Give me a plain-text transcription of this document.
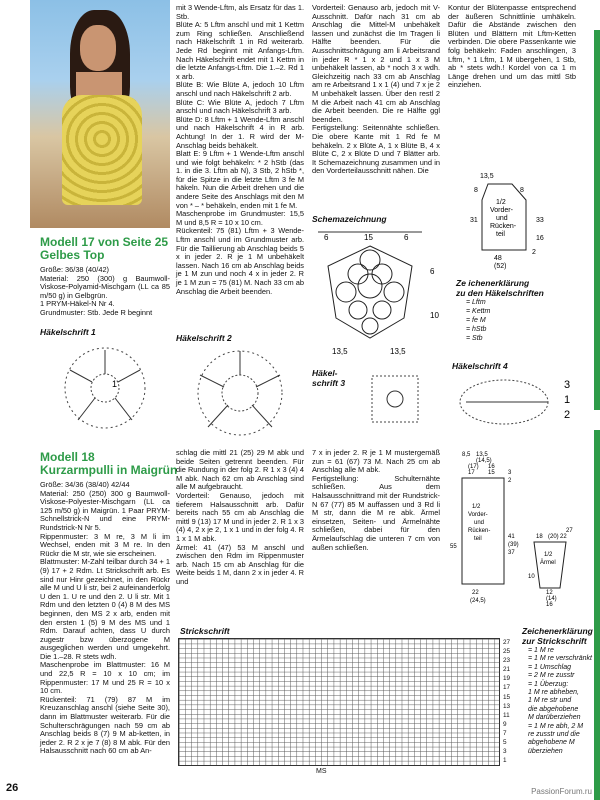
Modell 17 von Seite 25
Gelbes Top
Größe: 36/38 (40/42)
Material: 250 (300) g Baumwoll-Viskose-Polyamid-Mischgarn (LL ca 85 m/50 g) in Gelbgrün.
1 PRYM-Häkel-N Nr 4.
Grundmuster: Stb. Jede R beginnt
mit 3 Wende-Lftm, als Ersatz für das 1. Stb.
Blüte A: 5 Lftm anschl und mit 1 Kettm zum Ring schließen. Anschließend nach Häkelschrift 1 in Rd weiterarb. Jede Rd beginnt mit Anfangs-Lftm. Nach Häkelschrift endet mit 1 Kettm in die letzte Anfangs-Lftm. Die 1.–2. Rd 1 x arb.
Blüte B: Wie Blüte A, jedoch 10 Lftm anschl und nach Häkelschrift 2 arb.
Blüte C: Wie Blüte A, jedoch 7 Lftm anschl und nach Häkelschrift 3 arb.
Blüte D: 8 Lftm + 1 Wende-Lftm anschl und nach Häkelschrift 4 in R arb. Achtung! In der 1. R wird der M-Anschlag beids behäkelt.
Blatt E: 9 Lftm + 1 Wende-Lftm anschl und wie folgt behäkeln: * 2 hStb (das 1. in die 3. Lftm ab N), 3 Stb, 2 hStb *, für die Spitze in die letzte Lftm 3 fe M häkeln. Nun die Arbeit drehen und die andere Seite des Anschlags mit den M von * – * behäkeln, enden mit 1 fe M.
Maschenprobe im Grundmuster: 15,5 M und 8,5 R = 10 x 10 cm.
Rückenteil: 75 (81) Lftm + 3 Wende-Lftm anschl und im Grundmuster arb. Für die Taillierung ab Anschlag beids 5 x in jeder 2. R je 1 M unbehäkelt lassen. Nach 16 cm ab Anschlag beids je 1 M zun und noch 4 x in jeder 2. R je 1 M zun = 75 (81) M. Nach 33 cm ab Anschlag die Arbeit beenden.
Vorderteil: Genauso arb, jedoch mit V-Ausschnitt. Dafür nach 31 cm ab Anschlag die Mittel-M unbehäkelt lassen und zunächst die Im Tragen li Hälfte beenden. Für die Ausschnittschrägung am li Arbeitsrand in jeder R * 1 x 2 und 1 x 3 M unbehäkelt lassen, ab * noch 3 x wdh. Gleichzeitig nach 33 cm ab Anschlag am re Arbeitsrand 1 x 1 (4) und 7 x je 2 M unbehäkelt lassen. Über den restl 2 M die Arbeit nach 41 cm ab Anschlag die Arbeit beenden. Die re Hälfte ggl beenden.
Fertigstellung: Seitennähte schließen. Die obere Kante mit 1 Rd fe M behäkeln. 2 x Blüte A, 1 x Blüte B, 4 x Blüte C, 2 x Blüte D und 7 Blätter arb. It Schemazeichnung zusammen und in den Vorderteilausschnitt nähen. Die
Kontur der Blütenpasse entsprechend der äußeren Schnittlinie umhäkeln. Dafür die Abstände zwischen den Blüten und Blättern mit Lftm-Ketten verbinden. Die obere Passenkante wie folg behäkeln: Faden anschlingen, 3 Lftm, * 1 Lftm, 1 M übergehen, 1 Stb, ab * stets wdh.! Kordel von ca 1 m Länge drehen und um das mittl Stb einziehen.
Häkelschrift 1
Häkelschrift 2
Häkel-
schrift 3
Häkelschrift 4
Schemazeichnung
Ze ichenerklärung
zu den Häkelschriften
= Lftm
= Kettm
= fe M
= hStb
= Stb
1
6	15	6
6
10
13,5	13,5
3
1
2
13,5
8	8
1/2
Vorder-
und
Rücken-
teil
31	33
2
16
48
(52)
Modell 18
Kurzarmpulli in Maigrün
Größe: 34/36 (38/40) 42/44
Material: 250 (250) 300 g Baumwoll-Viskose-Polyester-Mischgarn (LL ca 125 m/50 g) in Maigrün. 1 Paar PRYM-Schnellstrick-N und eine PRYM-Rundstrick-N Nr 5.
Rippenmuster: 3 M re, 3 M li im Wechsel, enden mit 3 M re. In den Rückr die M str, wie sie erscheinen.
Blattmuster: M-Zahl teilbar durch 34 + 1 (9) 17 + 2 Rdm. Lt Strickschrift arb. Es sind nur Hinr gezeichnet, in den Rückr alle M und U li str, bei 2 aufeinanderfolg U den 1. U re und den 2. U li str. Mit 1 Rdm und den letzten 0 (4) 8 M des MS beginnen, den MS 2 x arb, enden mit den ersten 1 (5) 9 M des MS und 1 Rdm. Darauf achten, dass U durch zugestr bzw überzogene M ausgeglichen werden und umgekehrt. Die 1.–28. R stets wdh.
Maschenprobe im Blattmuster: 16 M und 22,5 R = 10 x 10 cm; im Rippenmuster: 17 M und 25 R = 10 x 10 cm.
Rückenteil: 71 (79) 87 M im Kreuzanschlag anschl (siehe Seite 30), dann im Blattmuster weiterarb. Für die Schulterschrägungen nach 59 cm ab Anschlag beids 8 (7) 9 M ab-ketten, in jeder 2. R 2 x je 7 (8) 8 M abk. Für den Halsausschnitt nach 60 cm ab An-
schlag die mittl 21 (25) 29 M abk und beide Seiten getrennt beenden. Für die Rundung in der folg 2. R 1 x 3 (4) 4 M abk. Nach 62 cm ab Anschlag sind alle M aufgebraucht.
Vorderteil: Genauso, jedoch mit tieferem Halsausschnitt arb. Dafür bereits nach 55 cm ab Anschlag die mittl 9 (13) 17 M und in jeder 2. R 1 x 3 (4) 4, 2 x je 2, 1 x 1 und in der folg 4. R 1 x 1 M abk.
Ärmel: 41 (47) 53 M anschl und zwischen den Rdm im Rippenmuster arb. Nach 15 cm ab Anschlag für die Weite beids 1 M, dann 2 x in jeder 4. R und
7 x in jeder 2. R je 1 M mustergemäß zun = 61 (67) 73 M. Nach 25 cm ab Anschlag alle M abk.
Fertigstellung: Schulternähte schließen. Aus dem Halsausschnittrand mit der Rundstrick-N 67 (77) 85 M auffassen und 3 Rd li M str, dann die M re abk. Ärmel einsetzen, Seiten- und Ärmelnähte schließen, dabei für den Ärmelaufschlag die unteren 7 cm von außen schließen.
8,5 13,5
(14,5)
16
15
(17)
17	3
2
1/2
Vorder-
und
Rücken-
teil
55
41
(39)
37
22
(24,5)
27
18 (20) 22
1/2
Ärmel
10
12
(14)
16
Strickschrift	Zeichenerklärung
zur Strickschrift
27
25
23
21
19
17
15
13
11
9
7
5
3
1
MS
= 1 M re
= 1 M re verschränkt
= 1 Umschlag
= 2 M re zusstr
= 1 Überzug:
1 M re abheben,
1 M re str und
die abgehobene
M darüberziehen
= 1 M re abh, 2 M
re zusstr und die
abgehobene M
überziehen
26	PassionForum.ru
